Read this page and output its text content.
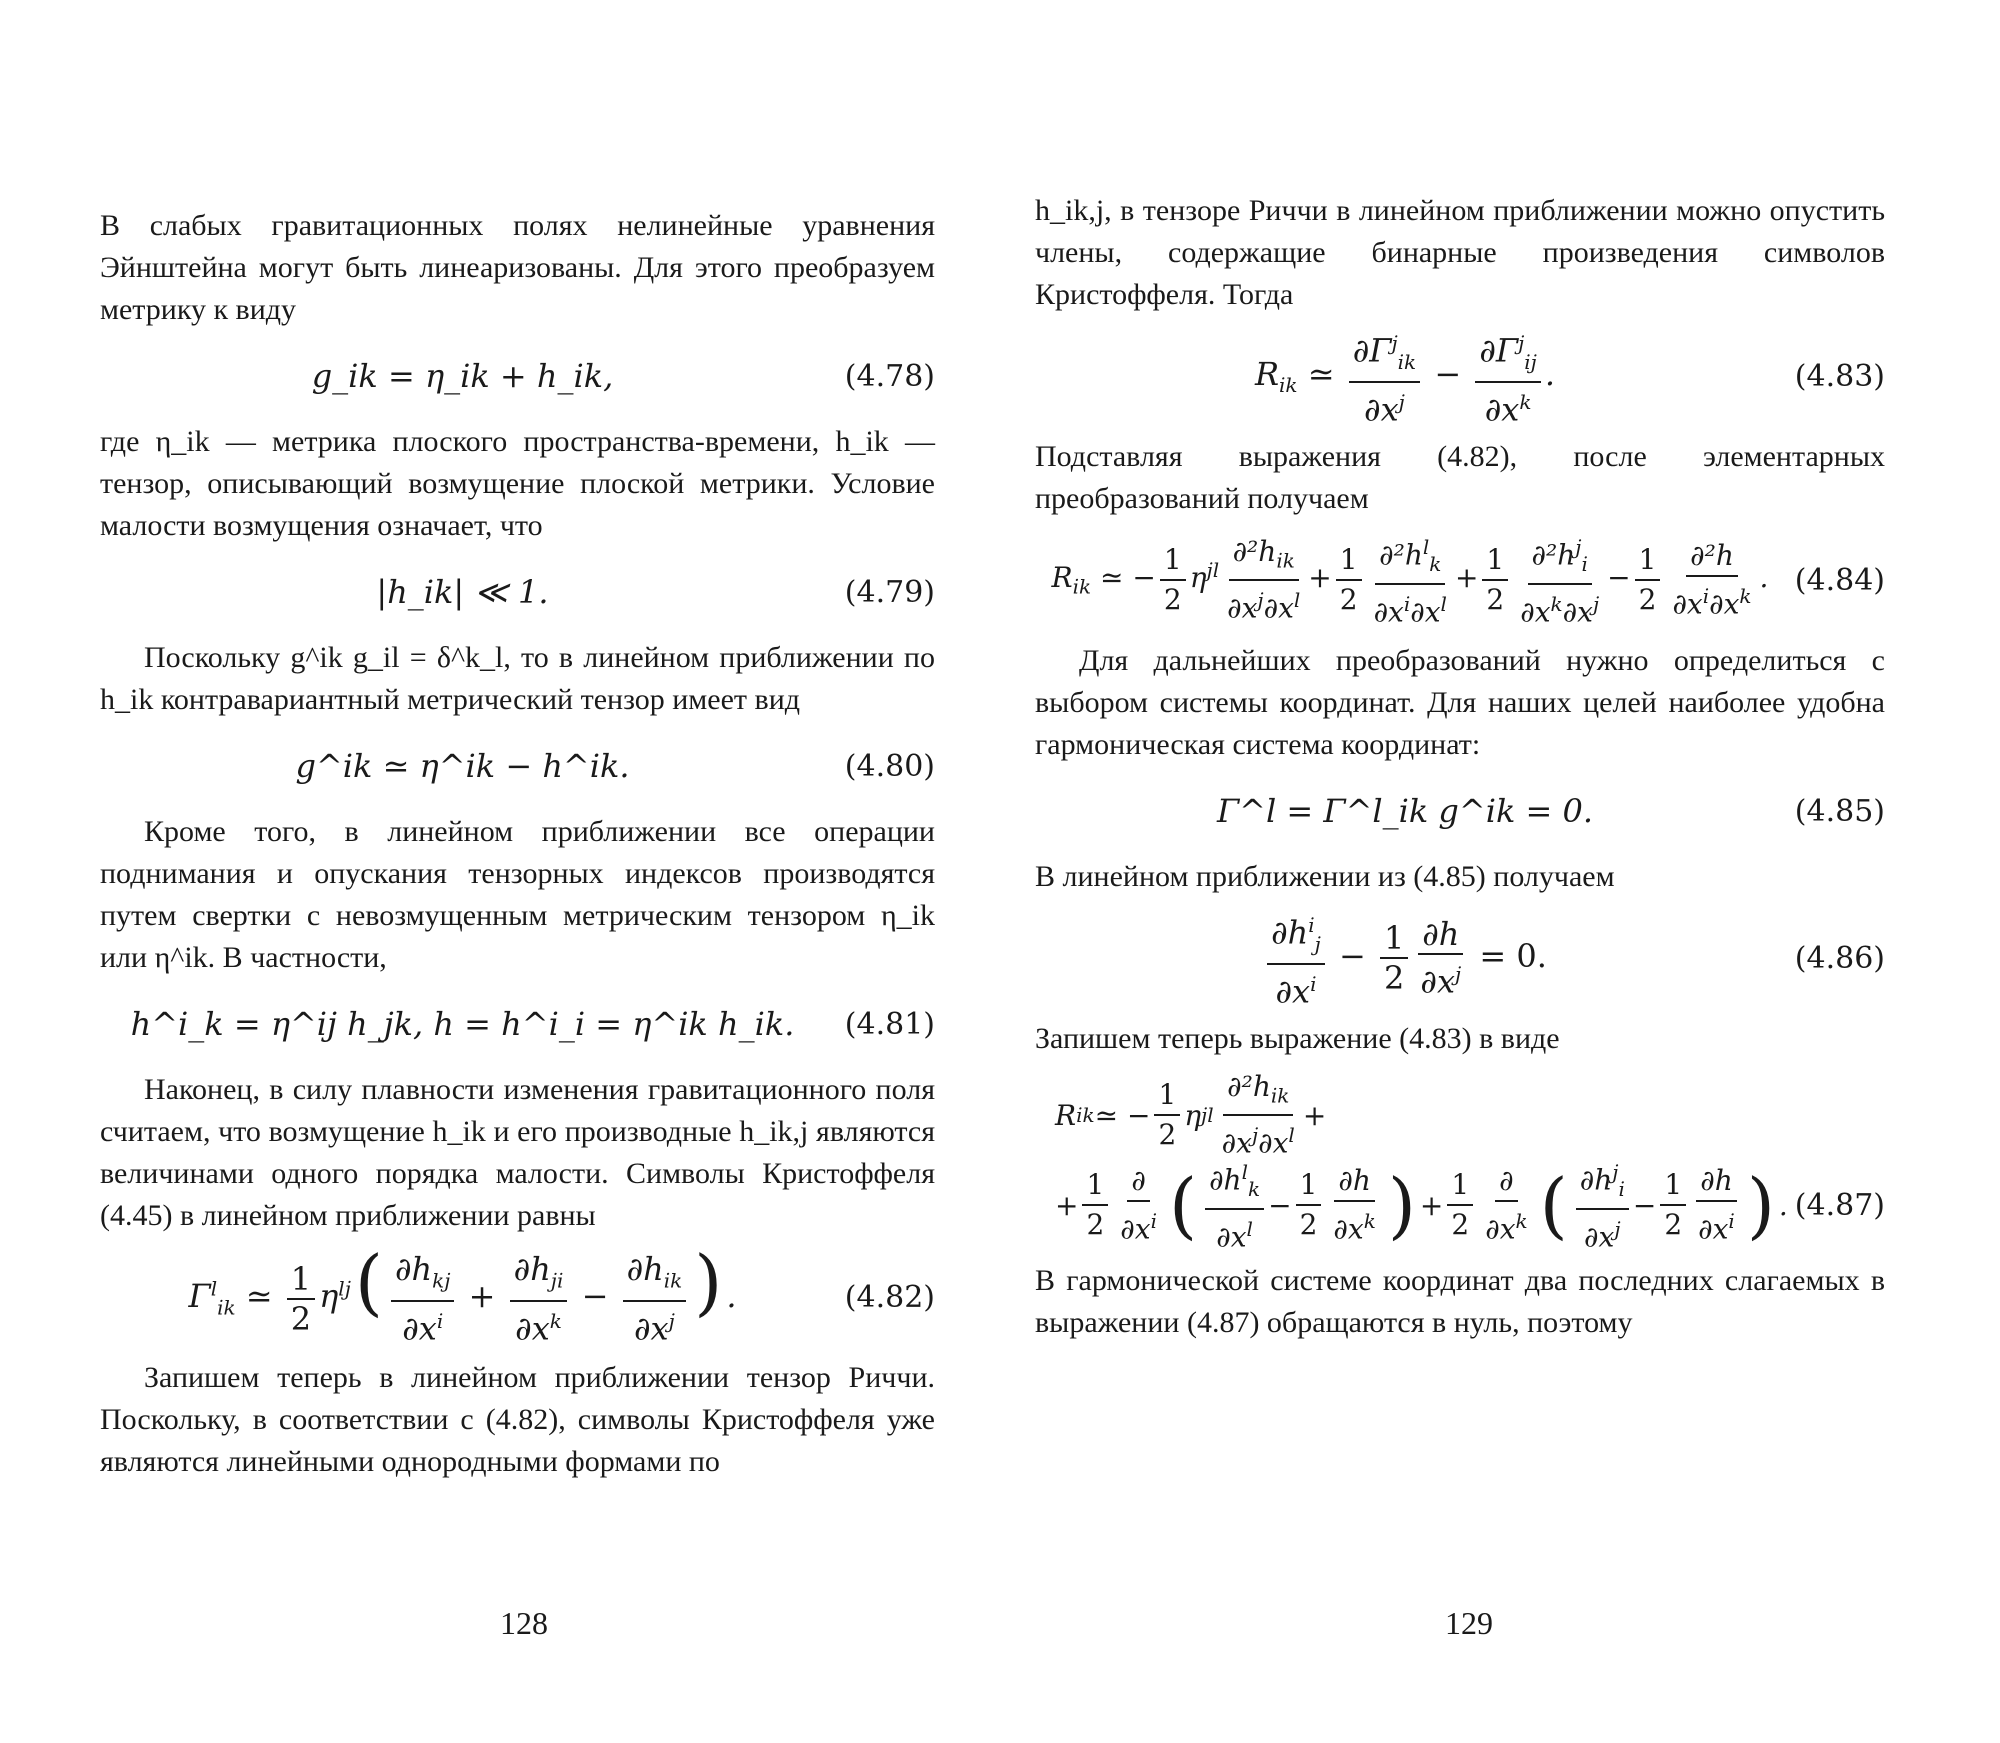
В слабых гравитационных полях нелинейные уравнения Эйнштейна могут быть линеаризованы. Для этого преобразуем метрику к виду

g_ik = η_ik + h_ik,	(4.78)

где η_ik — метрика плоского пространства-времени, h_ik — тензор, описывающий возмущение плоской метрики. Условие малости возмущения означает, что

|h_ik| ≪ 1.	(4.79)

Поскольку g^ik g_il = δ^k_l, то в линейном приближении по h_ik контравариантный метрический тензор имеет вид

g^ik ≃ η^ik − h^ik.	(4.80)

Кроме того, в линейном приближении все операции поднимания и опускания тензорных индексов производятся путем свертки с невозмущенным метрическим тензором η_ik или η^ik. В частности,

h^i_k = η^ij h_jk, h = h^i_i = η^ik h_ik. (4.81)

Наконец, в силу плавности изменения гравитационного поля считаем, что возмущение h_ik и его производные h_ik,j являются величинами одного порядка малости. Символы Кристоффеля (4.45) в линейном приближении равны

$\Gamma^l_{ik}$ ≃ $\frac{1}{2} \eta^{lj}( \frac{\partial h_{kj}}{\partial x^i} + \frac{\partial h_{ji}}{\partial x^k} - \frac{\partial h_{ik}}{\partial x^j}$ ) .	(4.82)

Запишем теперь в линейном приближении тензор Риччи. Поскольку, в соответствии с (4.82), символы Кристоффеля уже являются линейными однородными формами по

128

h_ik,j, в тензоре Риччи в линейном приближении можно опустить члены, содержащие бинарные произведения символов Кристоффеля. Тогда

$R_{ik}$ ≃ $\frac{\partial\Gamma^j_{ik}}{\partial x^j} - \frac{\partial\Gamma^j_{ij}}{\partial x^k}$ .	(4.83)

Подставляя выражения (4.82), после элементарных преобразований получаем

$R_{ik}$ ≃ − $\frac{1}{2} \eta^{jl} \frac{\partial^2h_{ik}}{\partial x^j\partial x^l} + \frac{1}{2} \frac{\partial^2h^l_k}{\partial x^i\partial x^l} + \frac{1}{2} \frac{\partial^2h^j_i}{\partial x^k\partial x^j} - \frac{1}{2} \frac{\text{∂²h}}{\partial x^i\partial x^k}$ . (4.84)

Для дальнейших преобразований нужно определиться с выбором системы координат. Для наших целей наиболее удобна гармоническая система координат:

Γ^l = Γ^l_ik g^ik = 0.	(4.85)

В линейном приближении из (4.85) получаем

$\frac{\partial h^i_j}{\partial x^i} - \frac{1}{2} \frac{\partial h}{\partial x^j} = 0$.	(4.86)

Запишем теперь выражение (4.83) в виде

R ik ≃ − $\frac{1}{2}$ η jl $\frac{\partial^2h_{ik}}{\partial x^j\partial x^l}$ +
+ $\frac{1}{2} \frac{\partial}{\partial x^i}$ ( $\frac{\partial h^l_k}{\partial x^l} - \frac{1}{2} \frac{\partial h}{\partial x^k}$ ) + $\frac{1}{2} \frac{\partial}{\partial x^k}$ ( $\frac{\partial h^j_i}{\partial x^j} - \frac{1}{2} \frac{\partial h}{\partial x^i}$ ) . (4.87)

В гармонической системе координат два последних слагаемых в выражении (4.87) обращаются в нуль, поэтому

129
